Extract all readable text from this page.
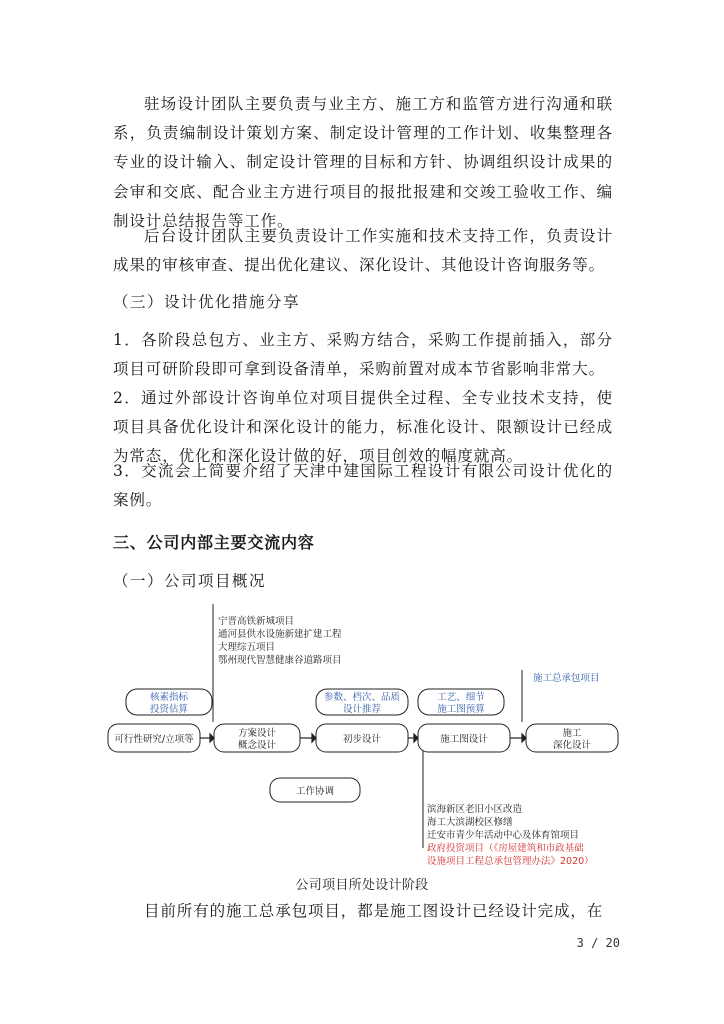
驻场设计团队主要负责与业主方、施工方和监管方进行沟通和联系，负责编制设计策划方案、制定设计管理的工作计划、收集整理各专业的设计输入、制定设计管理的目标和方针、协调组织设计成果的会审和交底、配合业主方进行项目的报批报建和交竣工验收工作、编制设计总结报告等工作。

后台设计团队主要负责设计工作实施和技术支持工作，负责设计成果的审核审查、提出优化建议、深化设计、其他设计咨询服务等。

（三）设计优化措施分享

1．各阶段总包方、业主方、采购方结合，采购工作提前插入，部分项目可研阶段即可拿到设备清单，采购前置对成本节省影响非常大。

2．通过外部设计咨询单位对项目提供全过程、全专业技术支持，使项目具备优化设计和深化设计的能力，标准化设计、限额设计已经成为常态，优化和深化设计做的好，项目创效的幅度就高。

3．交流会上简要介绍了天津中建国际工程设计有限公司设计优化的案例。

三、公司内部主要交流内容

（一）公司项目概况

宁晋高铁新城项目
通河县供水设施新建扩建工程
大理综五项目
鄂州现代智慧健康谷道路项目
施工总承包项目
核素指标
投资估算
参数、档次、品质
设计推荐
工艺、细节
施工图预算
可行性研究/立项等
方案设计
概念设计
初步设计	施工图设计
施工
深化设计
工作协调
滨海新区老旧小区改造
海工大滨湖校区修缮
迁安市青少年活动中心及体育馆项目
政府投资项目（《房屋建筑和市政基础
设施项目工程总承包管理办法》2020）
公司项目所处设计阶段

目前所有的施工总承包项目，都是施工图设计已经设计完成，在

3 / 20
